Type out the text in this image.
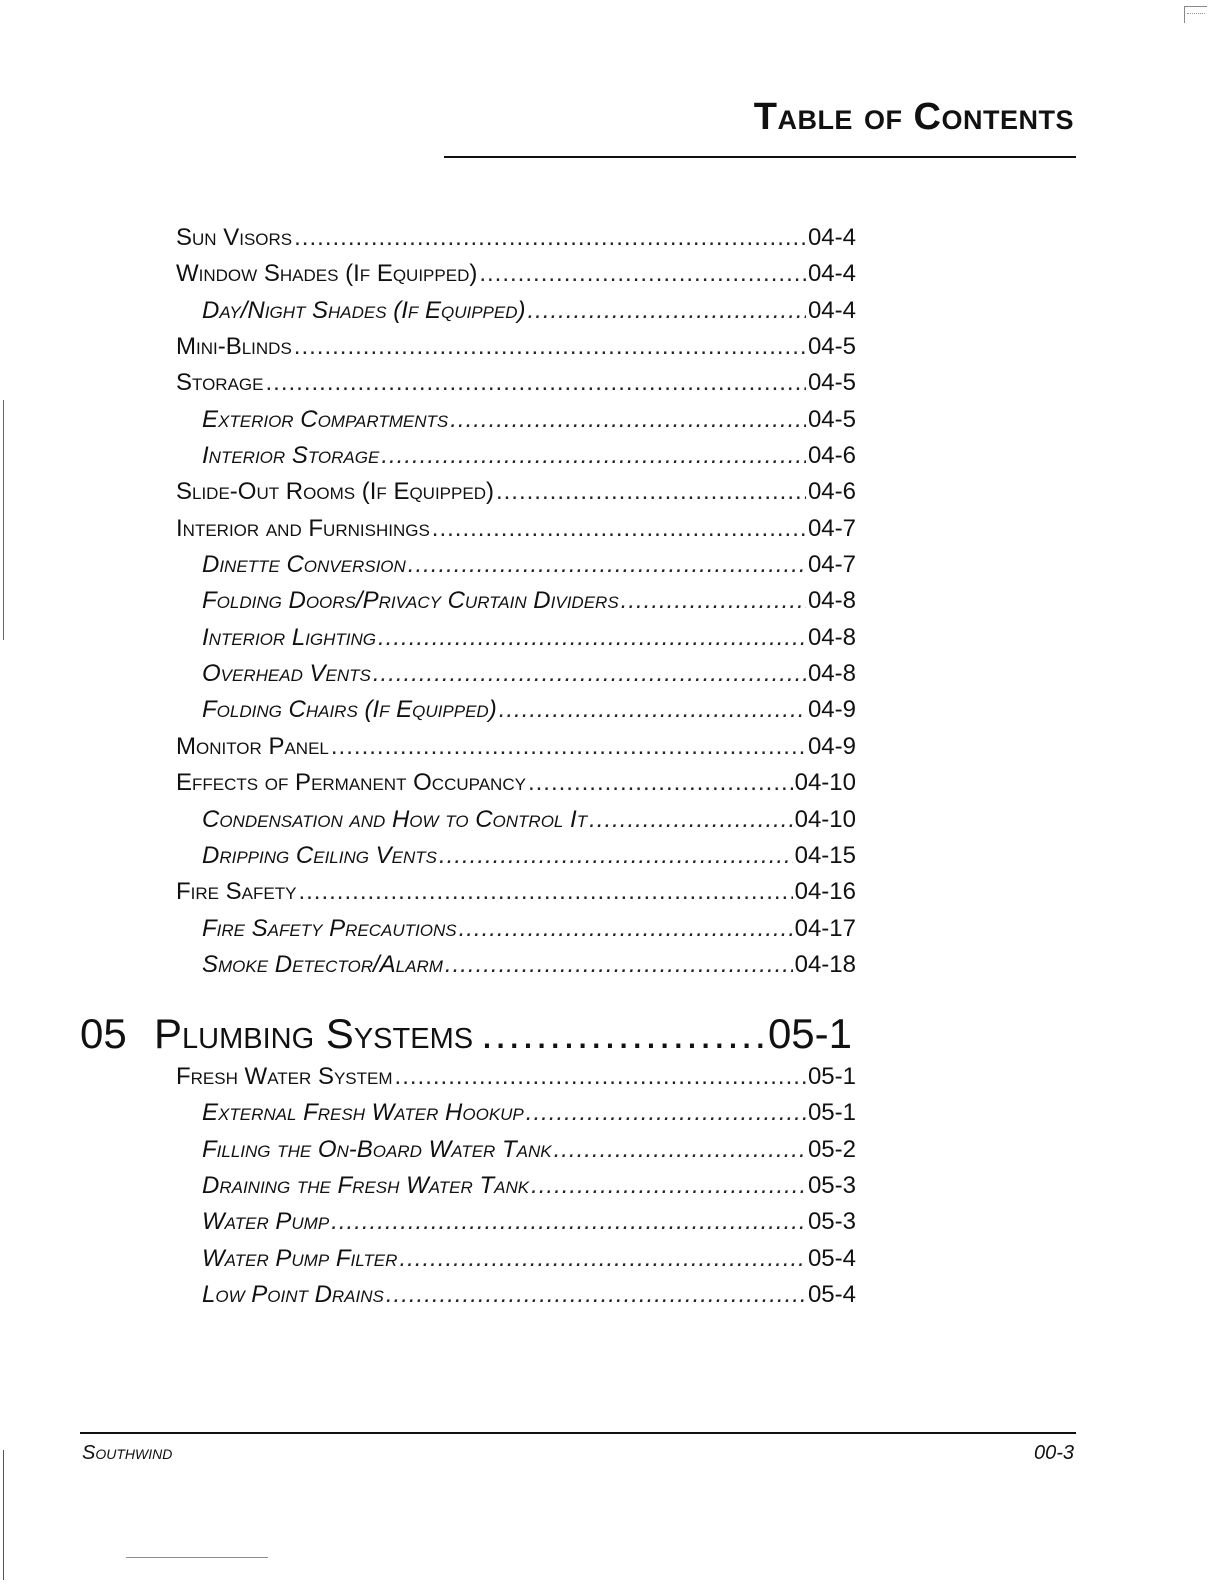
Table of Contents
Sun Visors .....	04-4
Window Shades (If Equipped) .....	04-4
Day/Night Shades (If Equipped) .....	04-4
Mini-Blinds .....	04-5
Storage .....	04-5
Exterior Compartments .....	04-5
Interior Storage .....	04-6
Slide-Out Rooms (If Equipped) .....	04-6
Interior and Furnishings .....	04-7
Dinette Conversion .....	04-7
Folding Doors/Privacy Curtain Dividers .....	04-8
Interior Lighting .....	04-8
Overhead Vents .....	04-8
Folding Chairs (If Equipped) .....	04-9
Monitor Panel .....	04-9
Effects of Permanent Occupancy .....	04-10
Condensation and How to Control It .....	04-10
Dripping Ceiling Vents .....	04-15
Fire Safety .....	04-16
Fire Safety Precautions .....	04-17
Smoke Detector/Alarm .....	04-18
05 Plumbing Systems .....	05-1
Fresh Water System .....	05-1
External Fresh Water Hookup .....	05-1
Filling the On-Board Water Tank .....	05-2
Draining the Fresh Water Tank .....	05-3
Water Pump .....	05-3
Water Pump Filter .....	05-4
Low Point Drains .....	05-4
Southwind	00-3
